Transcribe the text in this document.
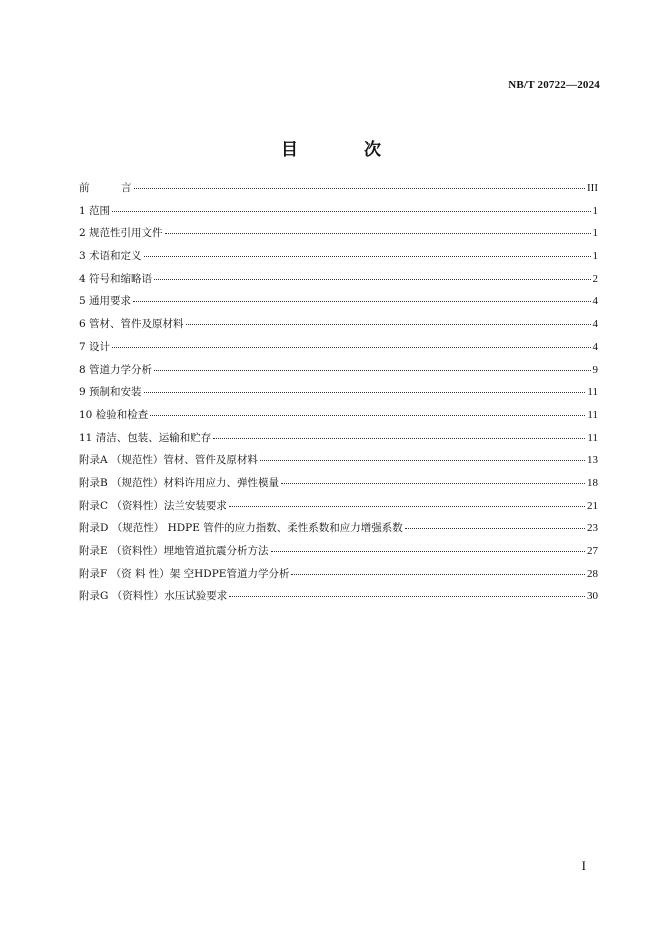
NB/T 20722—2024
目 次
前　　　言	III
1 范围	1
2 规范性引用文件	1
3 术语和定义	1
4 符号和缩略语	2
5 通用要求	4
6 管材、管件及原材料	4
7 设计	4
8 管道力学分析	9
9 预制和安装	11
10 检验和检查	11
11 清洁、包装、运输和贮存	11
附录A （规范性）管材、管件及原材料	13
附录B （规范性）材料许用应力、弹性模量	18
附录C （资料性）法兰安装要求	21
附录D （规范性） HDPE 管件的应力指数、柔性系数和应力增强系数	23
附录E （资料性）埋地管道抗震分析方法	27
附录F （资 料 性）架 空HDPE管道力学分析	28
附录G （资料性）水压试验要求	30
I
